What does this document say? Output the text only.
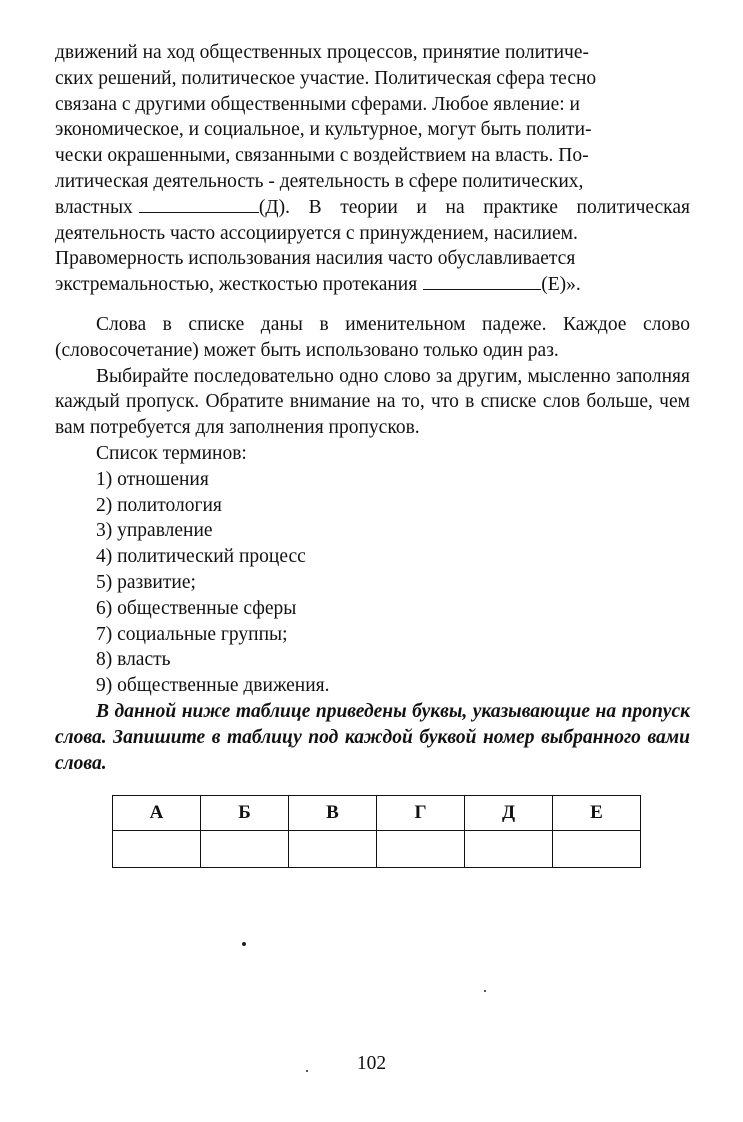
движений на ход общественных процессов, принятие политиче-

ских решений, политическое участие. Политическая сфера тесно

связана с другими общественными сферами. Любое явление: и

экономическое, и социальное, и культурное, могут быть полити-

чески окрашенными, связанными с воздействием на власть. По-

литическая деятельность - деятельность в сфере политических,

властных	(Д). В теории и на практике политическая

деятельность часто ассоциируется с принуждением, насилием.

Правомерность использования насилия часто обуславливается

экстремальностью, жесткостью протекания	(Е)».

Слова в списке даны в именительном падеже. Каждое слово (словосочетание) может быть использовано только один раз.

Выбирайте последовательно одно слово за другим, мысленно заполняя каждый пропуск. Обратите внимание на то, что в списке слов больше, чем вам потребуется для заполнения пропусков.

Список терминов:

1) отношения
2) политология
3) управление
4) политический процесс
5) развитие;
6) общественные сферы
7) социальные группы;
8) власть
9) общественные движения.

В данной ниже таблице приведены буквы, указывающие на пропуск слова. Запишите в таблицу под каждой буквой номер выбранного вами слова.

А	Б	В	Г	Д	Е

102
